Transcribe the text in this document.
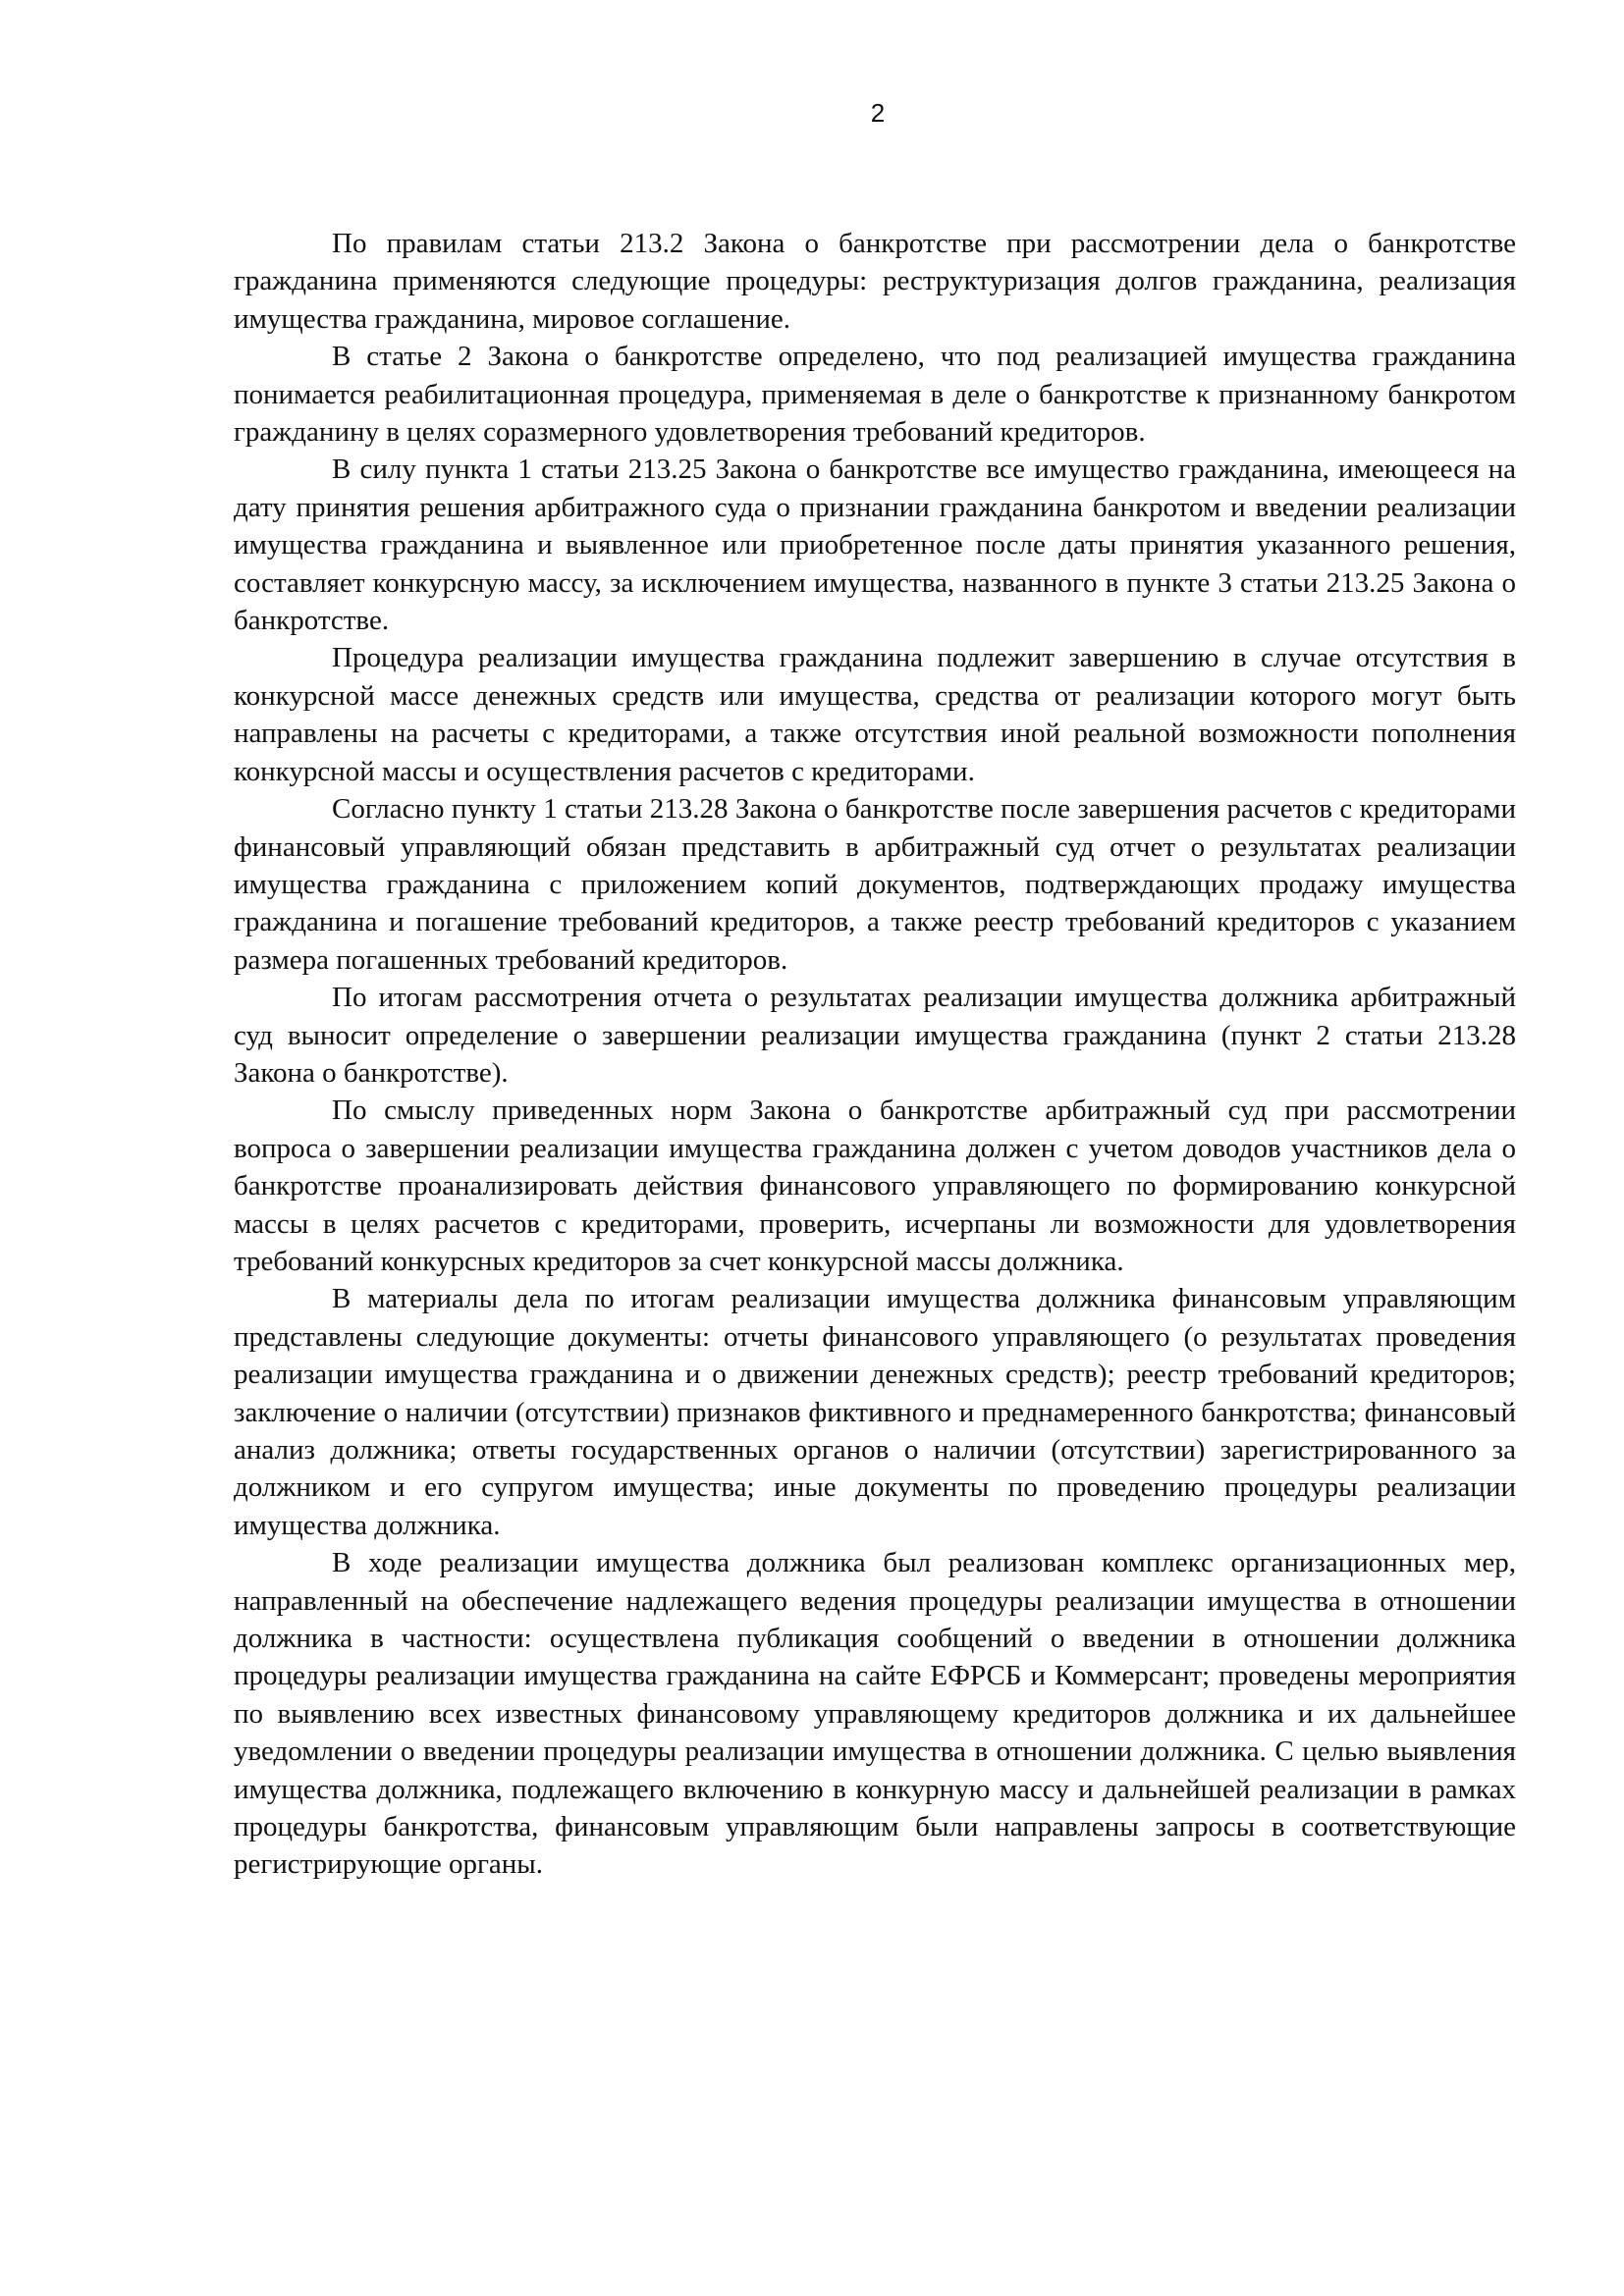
2

По правилам статьи 213.2 Закона о банкротстве при рассмотрении дела о банкротстве гражданина применяются следующие процедуры: реструктуризация долгов гражданина, реализация имущества гражданина, мировое соглашение.

В статье 2 Закона о банкротстве определено, что под реализацией имущества гражданина понимается реабилитационная процедура, применяемая в деле о банкротстве к признанному банкротом гражданину в целях соразмерного удовлетворения требований кредиторов.

В силу пункта 1 статьи 213.25 Закона о банкротстве все имущество гражданина, имеющееся на дату принятия решения арбитражного суда о признании гражданина банкротом и введении реализации имущества гражданина и выявленное или приобретенное после даты принятия указанного решения, составляет конкурсную массу, за исключением имущества, названного в пункте 3 статьи 213.25 Закона о банкротстве.

Процедура реализации имущества гражданина подлежит завершению в случае отсутствия в конкурсной массе денежных средств или имущества, средства от реализации которого могут быть направлены на расчеты с кредиторами, а также отсутствия иной реальной возможности пополнения конкурсной массы и осуществления расчетов с кредиторами.

Согласно пункту 1 статьи 213.28 Закона о банкротстве после завершения расчетов с кредиторами финансовый управляющий обязан представить в арбитражный суд отчет о результатах реализации имущества гражданина с приложением копий документов, подтверждающих продажу имущества гражданина и погашение требований кредиторов, а также реестр требований кредиторов с указанием размера погашенных требований кредиторов.

По итогам рассмотрения отчета о результатах реализации имущества должника арбитражный суд выносит определение о завершении реализации имущества гражданина (пункт 2 статьи 213.28 Закона о банкротстве).

По смыслу приведенных норм Закона о банкротстве арбитражный суд при рассмотрении вопроса о завершении реализации имущества гражданина должен с учетом доводов участников дела о банкротстве проанализировать действия финансового управляющего по формированию конкурсной массы в целях расчетов с кредиторами, проверить, исчерпаны ли возможности для удовлетворения требований конкурсных кредиторов за счет конкурсной массы должника.

В материалы дела по итогам реализации имущества должника финансовым управляющим представлены следующие документы: отчеты финансового управляющего (о результатах проведения реализации имущества гражданина и о движении денежных средств); реестр требований кредиторов; заключение о наличии (отсутствии) признаков фиктивного и преднамеренного банкротства; финансовый анализ должника; ответы государственных органов о наличии (отсутствии) зарегистрированного за должником и его супругом имущества; иные документы по проведению процедуры реализации имущества должника.

В ходе реализации имущества должника был реализован комплекс организационных мер, направленный на обеспечение надлежащего ведения процедуры реализации имущества в отношении должника в частности: осуществлена публикация сообщений о введении в отношении должника процедуры реализации имущества гражданина на сайте ЕФРСБ и Коммерсант; проведены мероприятия по выявлению всех известных финансовому управляющему кредиторов должника и их дальнейшее уведомлении о введении процедуры реализации имущества в отношении должника. С целью выявления имущества должника, подлежащего включению в конкурную массу и дальнейшей реализации в рамках процедуры банкротства, финансовым управляющим были направлены запросы в соответствующие регистрирующие органы.
